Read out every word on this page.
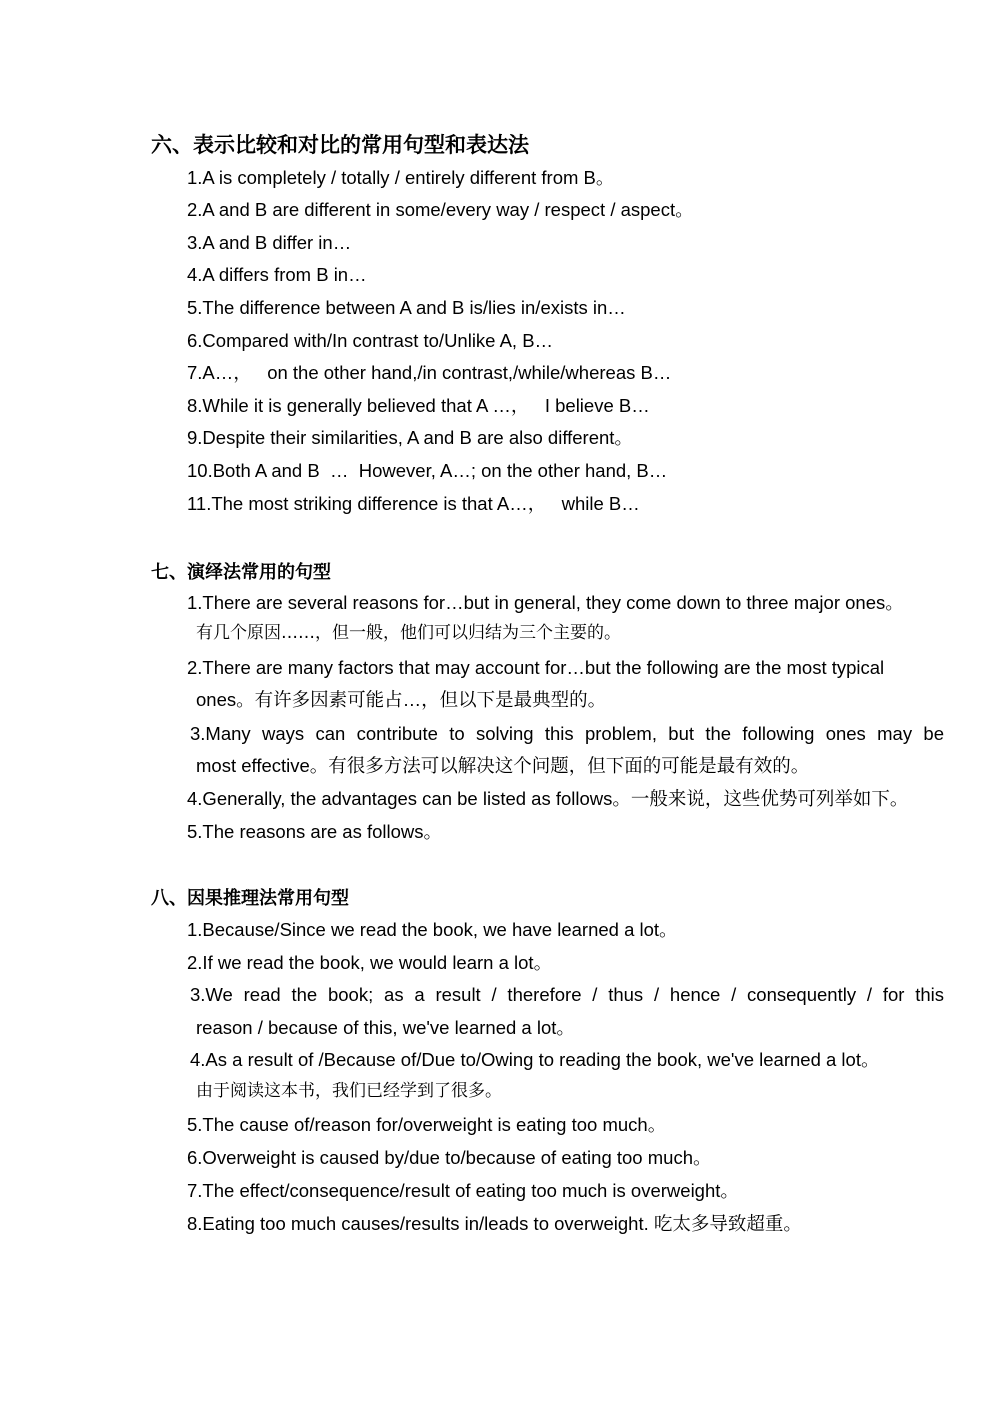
六、表示比较和对比的常用句型和表达法
1.A is completely / totally / entirely different from B。
2.A and B are different in some/every way / respect / aspect。
3.A and B differ in…
4.A differs from B in…
5.The difference between A and B is/lies in/exists in…
6.Compared with/In contrast to/Unlike A, B…
7.A…，   on the other hand,/in contrast,/while/whereas B…
8.While it is generally believed that A …，   I believe B…
9.Despite their similarities, A and B are also different。
10.Both A and B  …  However, A…; on the other hand, B…
11.The most striking difference is that A…，   while B…
七、演绎法常用的句型
1.There are several reasons for…but in general, they come down to three major ones。
有几个原因……，但一般，他们可以归结为三个主要的。
2.There are many factors that may account for…but the following are the most typical
ones。有许多因素可能占…，但以下是最典型的。
3.Many ways can contribute to solving this problem, but the following ones may be
most effective。有很多方法可以解决这个问题，但下面的可能是最有效的。
4.Generally, the advantages can be listed as follows。一般来说，这些优势可列举如下。
5.The reasons are as follows。
八、因果推理法常用句型
1.Because/Since we read the book, we have learned a lot。
2.If we read the book, we would learn a lot。
3.We read the book; as a result / therefore / thus / hence / consequently / for this
reason / because of this, we've learned a lot。
4.As a result of /Because of/Due to/Owing to reading the book, we've learned a lot。
由于阅读这本书，我们已经学到了很多。
5.The cause of/reason for/overweight is eating too much。
6.Overweight is caused by/due to/because of eating too much。
7.The effect/consequence/result of eating too much is overweight。
8.Eating too much causes/results in/leads to overweight. 吃太多导致超重。
